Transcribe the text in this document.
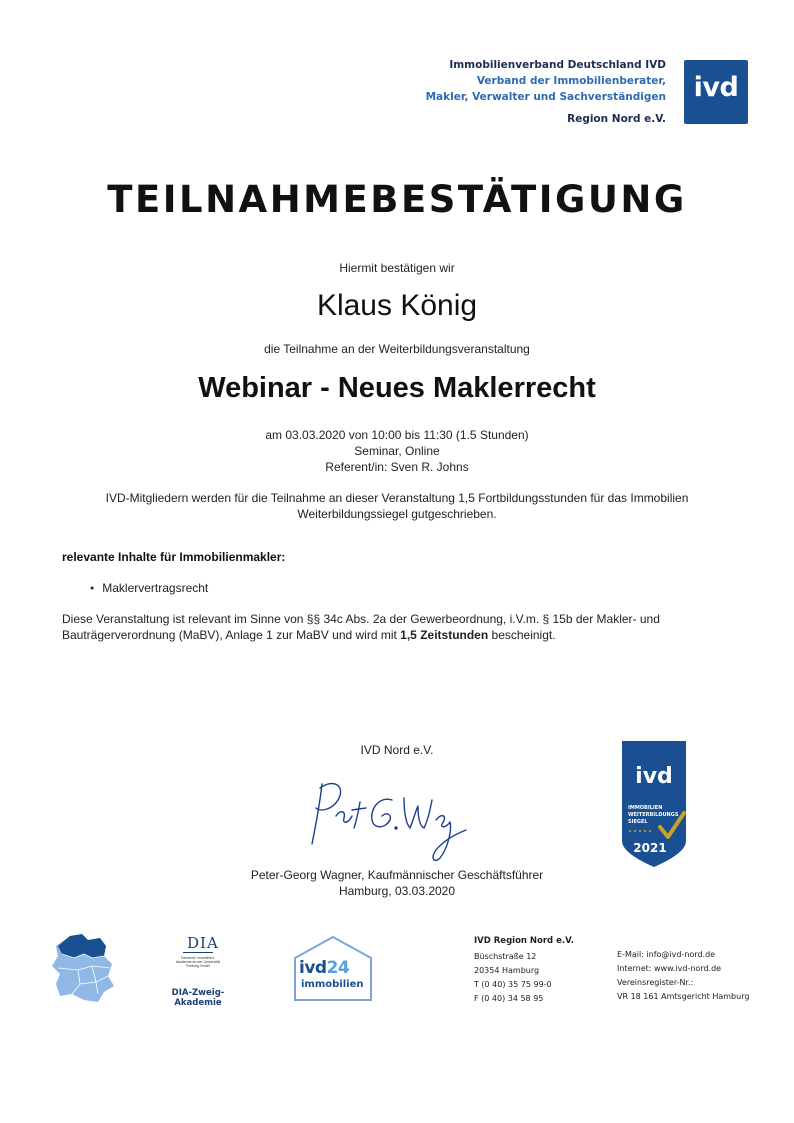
Immobilienverband Deutschland IVD
Verband der Immobilienberater,
Makler, Verwalter und Sachverständigen
Region Nord e.V.
ivd
TEILNAHMEBESTÄTIGUNG
Hiermit bestätigen wir
Klaus König
die Teilnahme an der Weiterbildungsveranstaltung
Webinar - Neues Maklerrecht
am 03.03.2020 von 10:00 bis 11:30 (1.5 Stunden)
Seminar, Online
Referent/in: Sven R. Johns
IVD-Mitgliedern werden für die Teilnahme an dieser Veranstaltung 1,5 Fortbildungsstunden für das Immobilien
Weiterbildungssiegel gutgeschrieben.
relevante Inhalte für Immobilienmakler:
● Maklervertragsrecht
Diese Veranstaltung ist relevant im Sinne von §§ 34c Abs. 2a der Gewerbeordnung, i.V.m. § 15b der Makler- und Bauträgerverordnung (MaBV), Anlage 1 zur MaBV und wird mit 1,5 Zeitstunden bescheinigt.
IVD Nord e.V.
Peter-Georg Wagner, Kaufmännischer Geschäftsführer
Hamburg, 03.03.2020
ivd
IMMOBILIEN
WEITERBILDUNGS
SIEGEL
2021
DIA
Deutsche Immobilien-Akademie an der Universität Freiburg GmbH
DIA-Zweig-Akademie
ivd24
immobilien
IVD Region Nord e.V.
Büschstraße 12
20354 Hamburg
T (0 40) 35 75 99-0
F (0 40) 34 58 95
E-Mail: info@ivd-nord.de
Internet: www.ivd-nord.de
Vereinsregister-Nr.:
VR 18 161 Amtsgericht Hamburg
